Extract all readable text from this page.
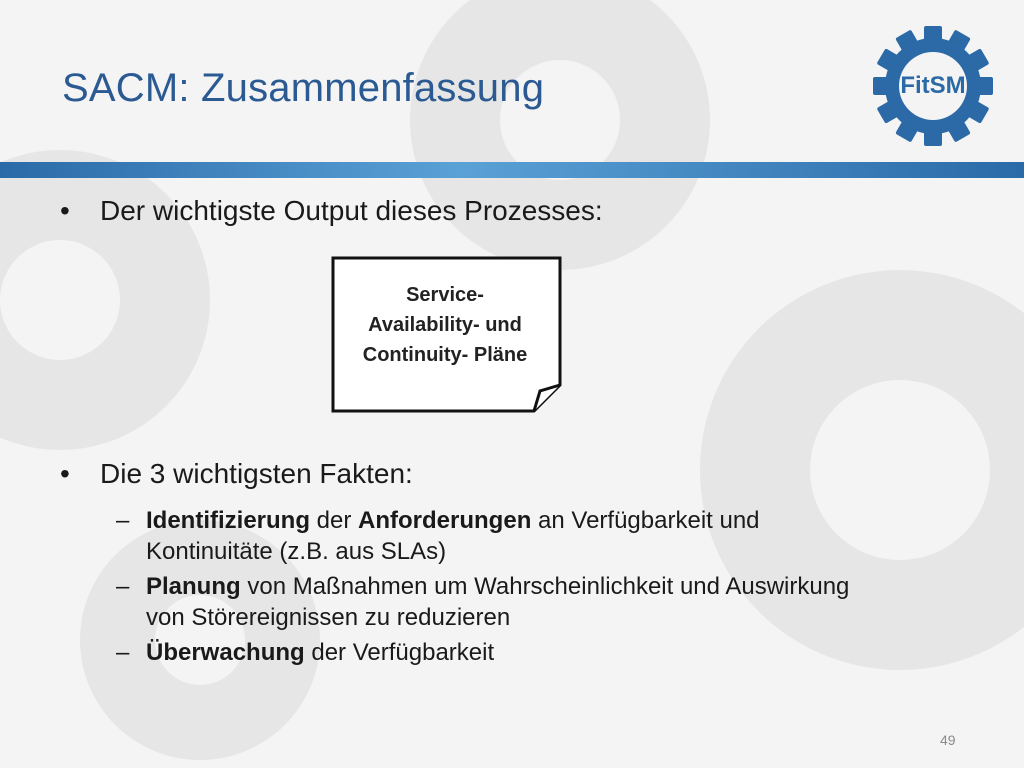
SACM: Zusammenfassung	FitSM
• Der wichtigste Output dieses Prozesses:
Service-
Availability- und
Continuity- Pläne
• Die 3 wichtigsten Fakten:
– Identifizierung der Anforderungen an Verfügbarkeit und Kontinuitäte (z.B. aus SLAs)
– Planung von Maßnahmen um Wahrscheinlichkeit und Auswirkung von Störereignissen zu reduzieren
– Überwachung der Verfügbarkeit
49
